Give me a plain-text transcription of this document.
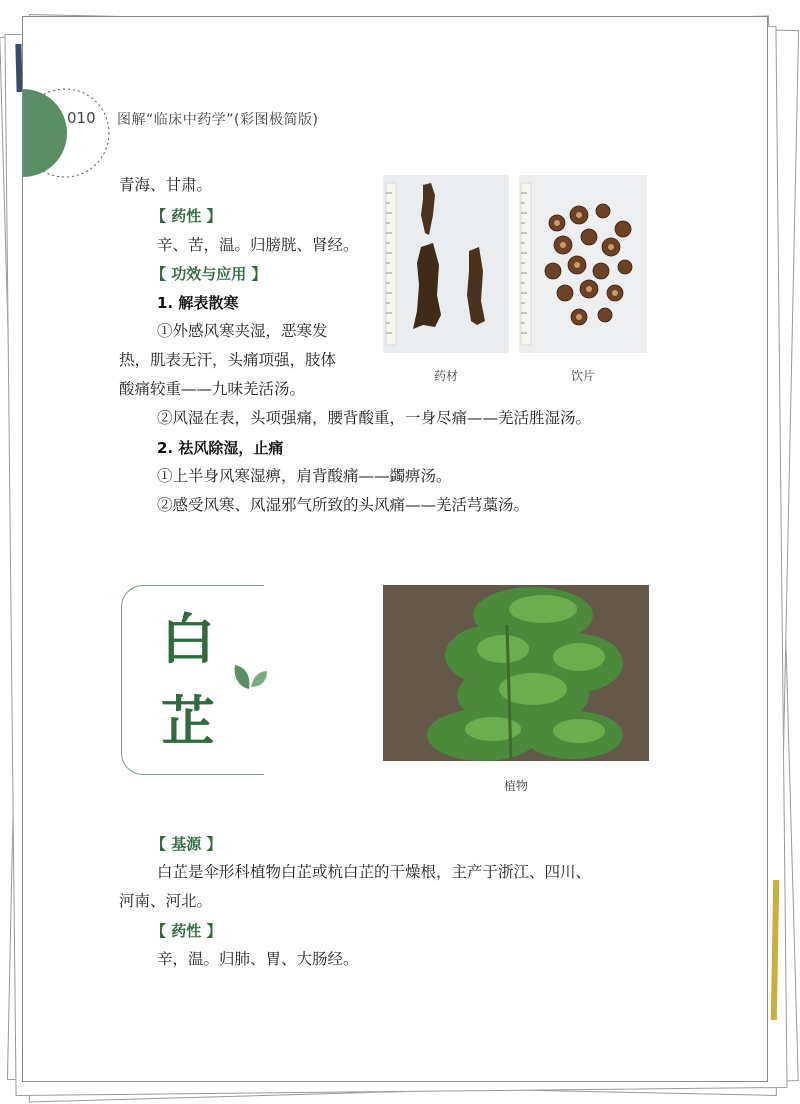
010 图解“临床中药学”(彩图极简版)
青海、甘肃。
【 药性 】
辛、苦，温。归膀胱、肾经。
【 功效与应用 】
1. 解表散寒
①外感风寒夹湿，恶寒发
热，肌表无汗，头痛项强，肢体
酸痛较重——九味羌活汤。
②风湿在表，头项强痛，腰背酸重，一身尽痛——羌活胜湿汤。
2. 祛风除湿，止痛
①上半身风寒湿痹，肩背酸痛——蠲痹汤。
②感受风寒、风湿邪气所致的头风痛——羌活芎藁汤。
药材	饮片
白
芷
植物
【 基源 】
白芷是伞形科植物白芷或杭白芷的干燥根，主产于浙江、四川、
河南、河北。
【 药性 】
辛，温。归肺、胃、大肠经。
